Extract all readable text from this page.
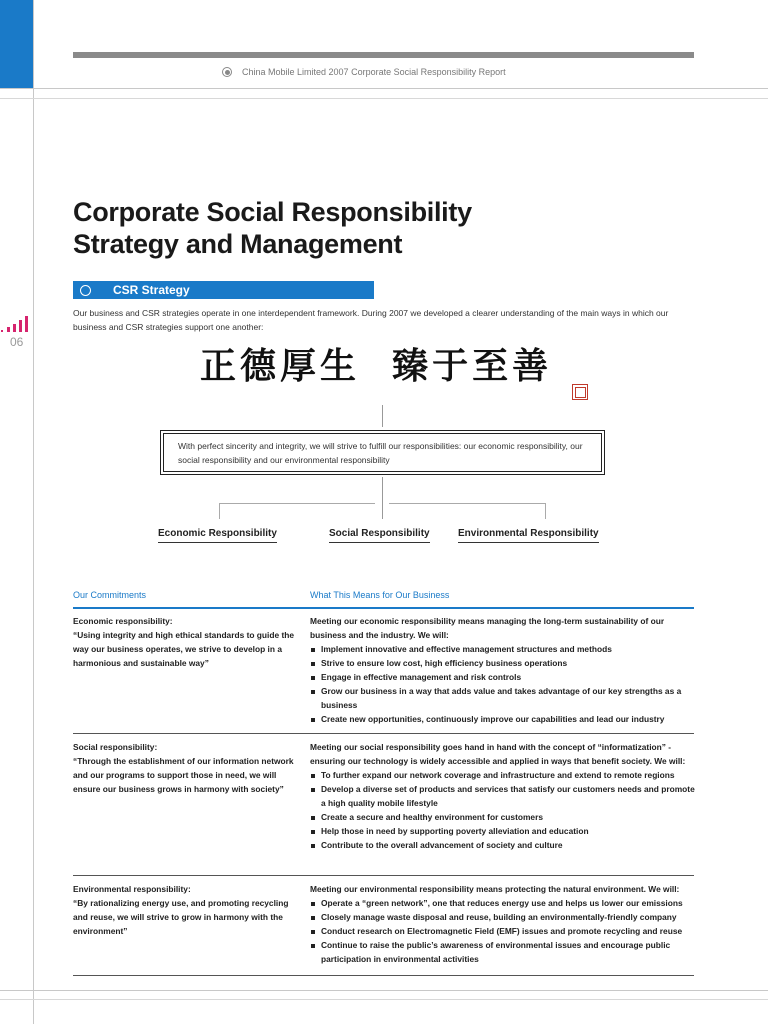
China Mobile Limited 2007 Corporate Social Responsibility Report
06
Corporate Social Responsibility
Strategy and Management
CSR Strategy

Our business and CSR strategies operate in one interdependent framework. During 2007 we developed a clearer understanding of the main ways in which our business and CSR strategies support one another:

正 德 厚 生 臻 于 至 善
With perfect sincerity and integrity, we will strive to fulfill our responsibilities: our economic responsibility, our social responsibility and our environmental responsibility
Economic Responsibility	Social Responsibility	Environmental Responsibility
Our Commitments	What This Means for Our Business
Economic responsibility:
“Using integrity and high ethical standards to guide the way our business operates, we strive to develop in a harmonious and sustainable way”
Meeting our economic responsibility means managing the long-term sustainability of our business and the industry. We will:
Implement innovative and effective management structures and methods
Strive to ensure low cost, high efficiency business operations
Engage in effective management and risk controls
Grow our business in a way that adds value and takes advantage of our key strengths as a business
Create new opportunities, continuously improve our capabilities and lead our industry
Social responsibility:
“Through the establishment of our information network and our programs to support those in need, we will ensure our business grows in harmony with society”
Meeting our social responsibility goes hand in hand with the concept of “informatization” - ensuring our technology is widely accessible and applied in ways that benefit society. We will:
To further expand our network coverage and infrastructure and extend to remote regions
Develop a diverse set of products and services that satisfy our customers needs and promote a high quality mobile lifestyle
Create a secure and healthy environment for customers
Help those in need by supporting poverty alleviation and education
Contribute to the overall advancement of society and culture
Environmental responsibility:
“By rationalizing energy use, and promoting recycling and reuse, we will strive to grow in harmony with the environment”
Meeting our environmental responsibility means protecting the natural environment. We will:
Operate a “green network”, one that reduces energy use and helps us lower our emissions
Closely manage waste disposal and reuse, building an environmentally-friendly company
Conduct research on Electromagnetic Field (EMF) issues and promote recycling and reuse
Continue to raise the public’s awareness of environmental issues and encourage public participation in environmental activities
